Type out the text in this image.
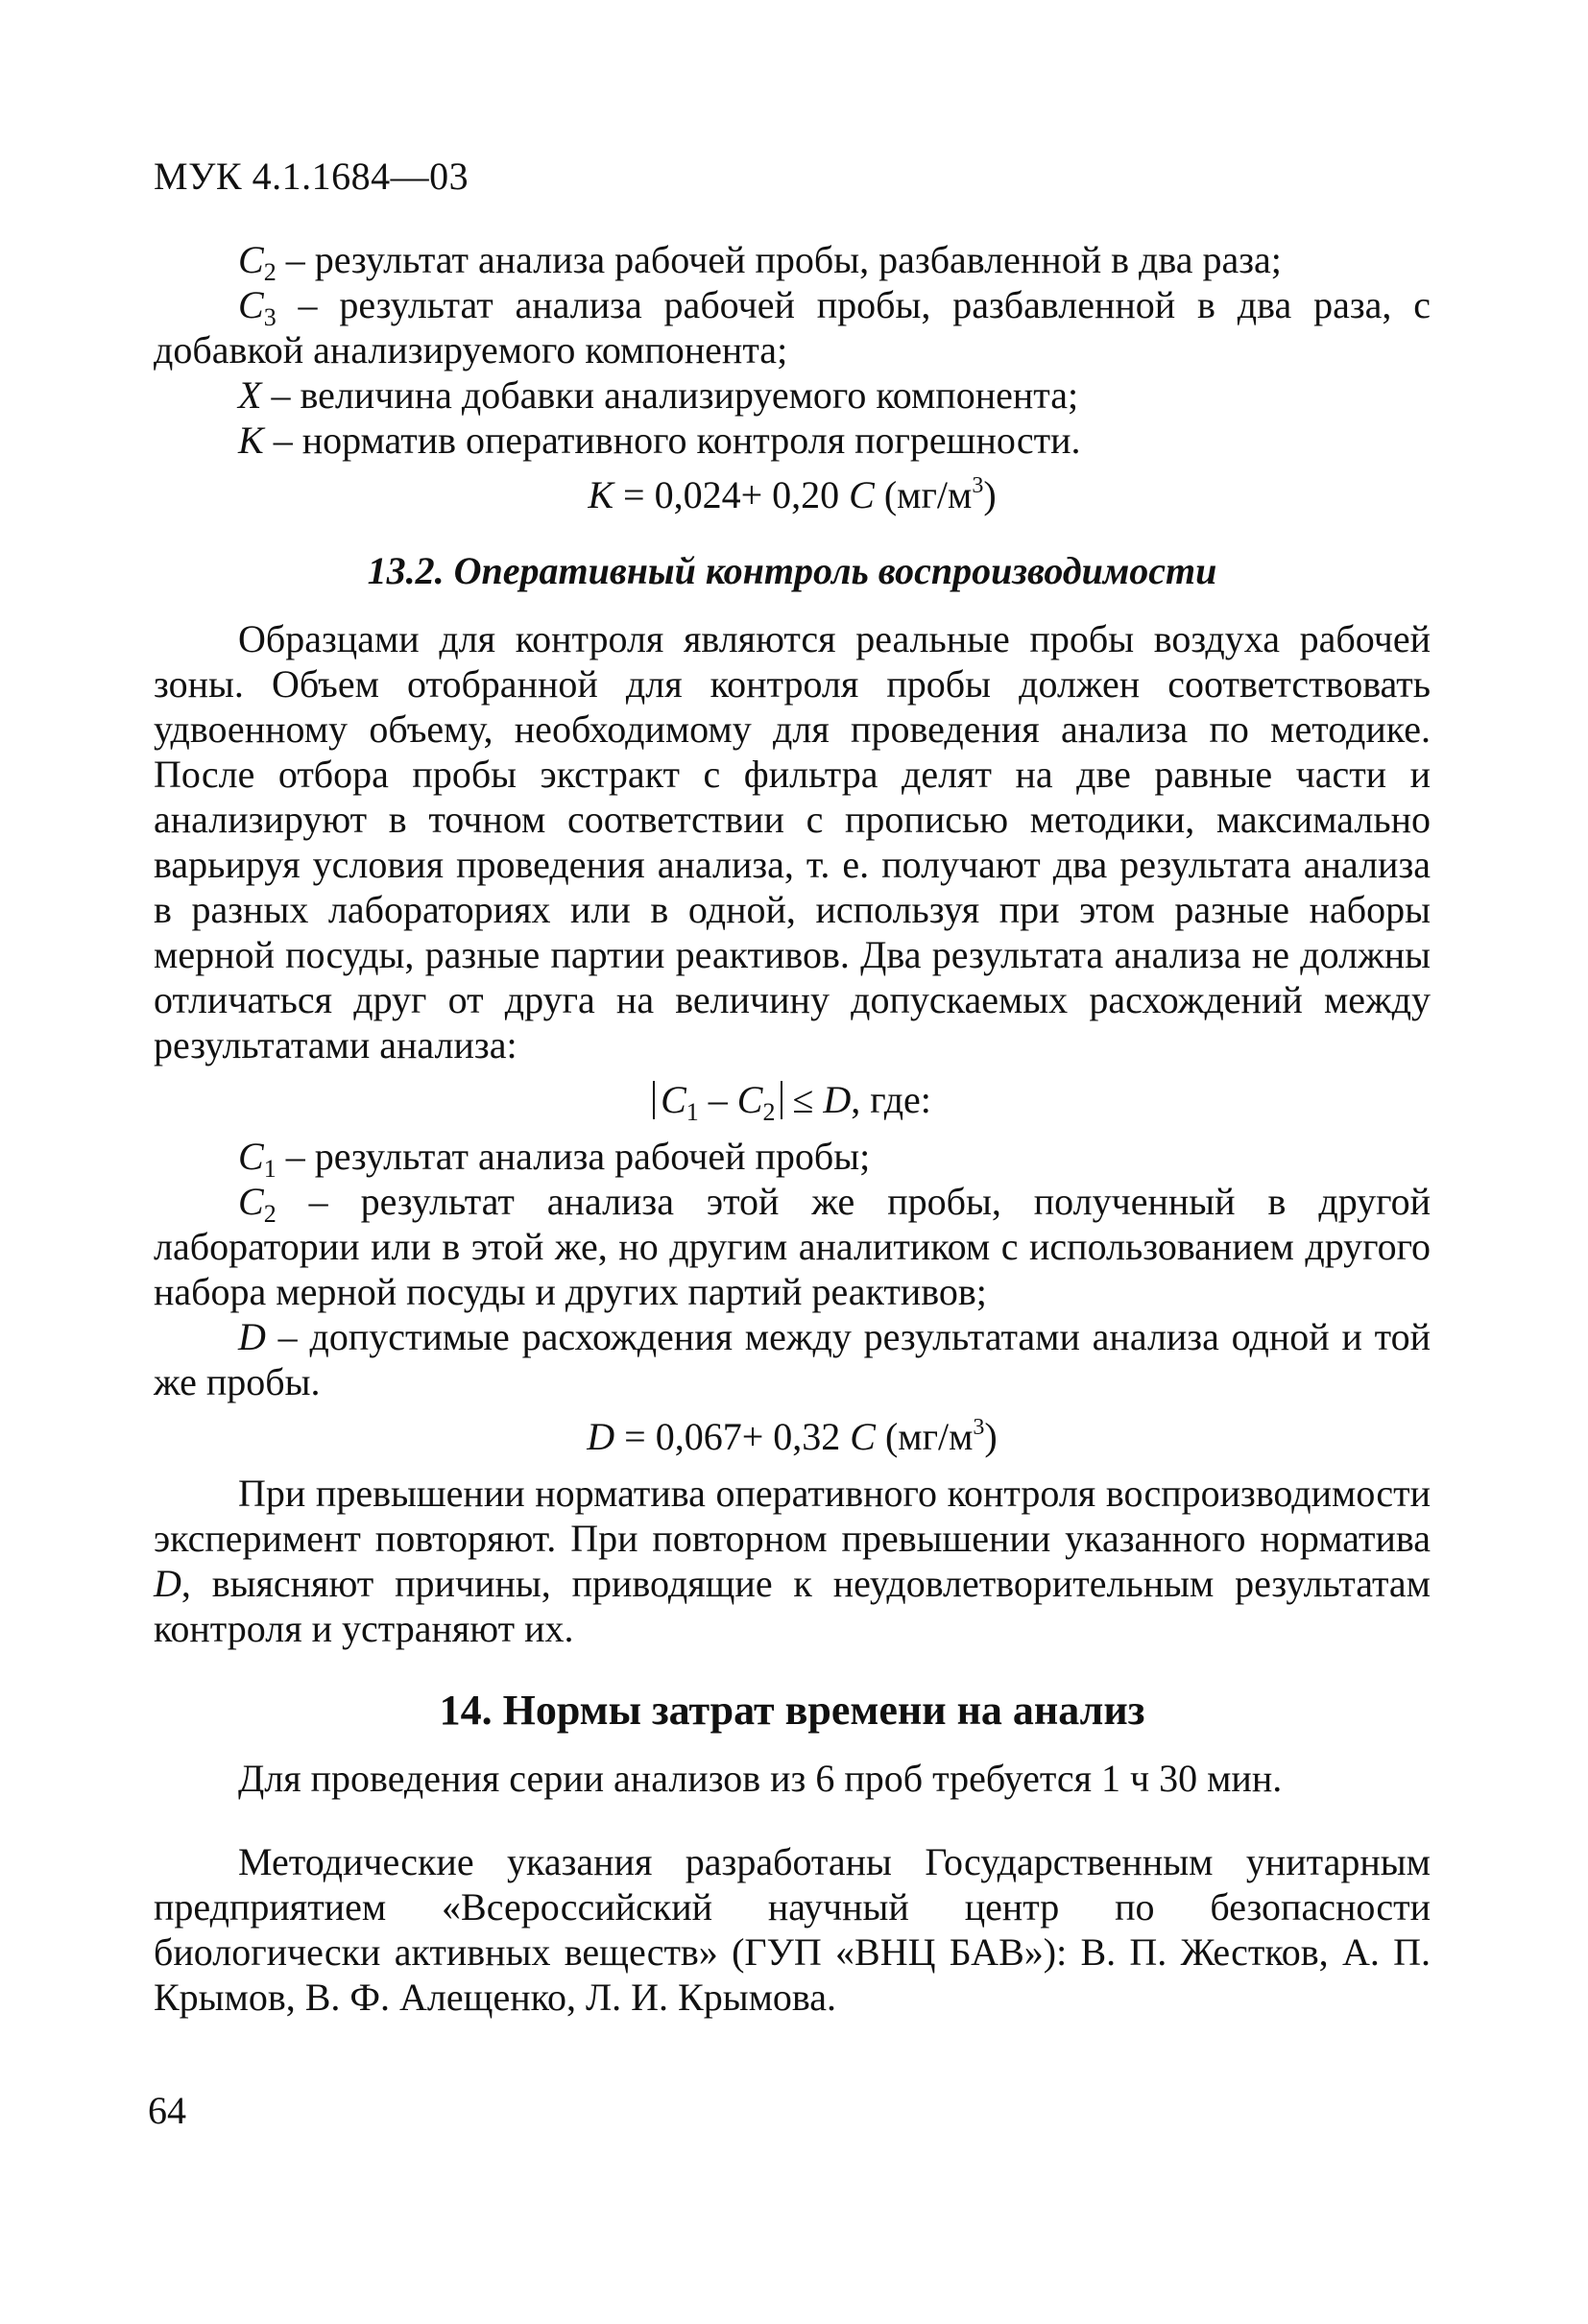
МУК 4.1.1684—03

$C_2$ – результат анализа рабочей пробы, разбавленной в два раза;

$C_3$ – результат анализа рабочей пробы, разбавленной в два раза, с добавкой анализируемого компонента;

X – величина добавки анализируемого компонента;

K – норматив оперативного контроля погрешности.

K = 0,024+ 0,20 C $(мг/м^3)$
13.2. Оперативный контроль воспроизводимости

Образцами для контроля являются реальные пробы воздуха рабочей зоны. Объем отобранной для контроля пробы должен соответствовать удвоенному объему, необходимому для проведения анализа по методике. После отбора пробы экстракт с фильтра делят на две равные части и анализируют в точном соответствии с прописью методики, максимально варьируя условия проведения анализа, т. е. получают два результата анализа в разных лабораториях или в одной, используя при этом разные наборы мерной посуды, разные партии реактивов. Два результата анализа не должны отличаться друг от друга на величину допускаемых расхождений между результатами анализа:

$C_1 - C_2 \le D$, где:

$C_1$ – результат анализа рабочей пробы;

$C_2$ – результат анализа этой же пробы, полученный в другой лаборатории или в этой же, но другим аналитиком с использованием другого набора мерной посуды и других партий реактивов;

D – допустимые расхождения между результатами анализа одной и той же пробы.

D = 0,067+ 0,32 C $(мг/м^3)$

При превышении норматива оперативного контроля воспроизводимости эксперимент повторяют. При повторном превышении указанного норматива D, выясняют причины, приводящие к неудовлетворительным результатам контроля и устраняют их.

14. Нормы затрат времени на анализ

Для проведения серии анализов из 6 проб требуется 1 ч 30 мин.

Методические указания разработаны Государственным унитарным предприятием «Всероссийский научный центр по безопасности биологически активных веществ» (ГУП «ВНЦ БАВ»): В. П. Жестков, А. П. Крымов, В. Ф. Алещенко, Л. И. Крымова.

64
